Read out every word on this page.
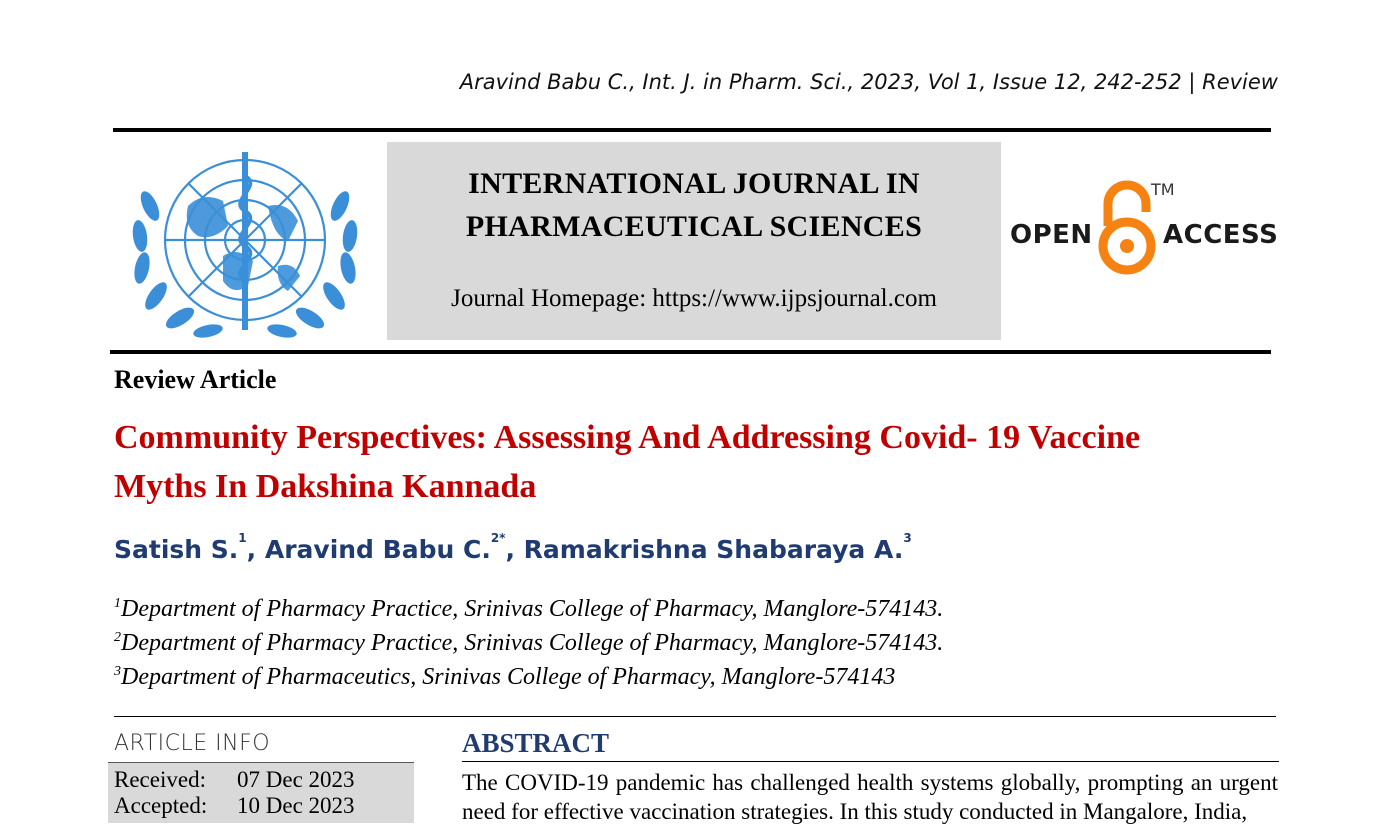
Aravind Babu C., Int. J. in Pharm. Sci., 2023, Vol 1, Issue 12, 242-252 | Review
INTERNATIONAL JOURNAL IN
PHARMACEUTICAL SCIENCES
Journal Homepage: https://www.ijpsjournal.com
OPEN
TM
ACCESS
Review Article
Community Perspectives: Assessing And Addressing Covid- 19 Vaccine
Myths In Dakshina Kannada
Satish S.$^1$, Aravind Babu C.$^{2*}$, Ramakrishna Shabaraya A.$^3$
$^1$Department of Pharmacy Practice, Srinivas College of Pharmacy, Manglore-574143.
$^2$Department of Pharmacy Practice, Srinivas College of Pharmacy, Manglore-574143.
$^3$Department of Pharmaceutics, Srinivas College of Pharmacy, Manglore-574143
ARTICLE INFO
Received: 07 Dec 2023
Accepted: 10 Dec 2023
ABSTRACT
The COVID-19 pandemic has challenged health systems globally, prompting an urgent need for effective vaccination strategies. In this study conducted in Mangalore, India,
